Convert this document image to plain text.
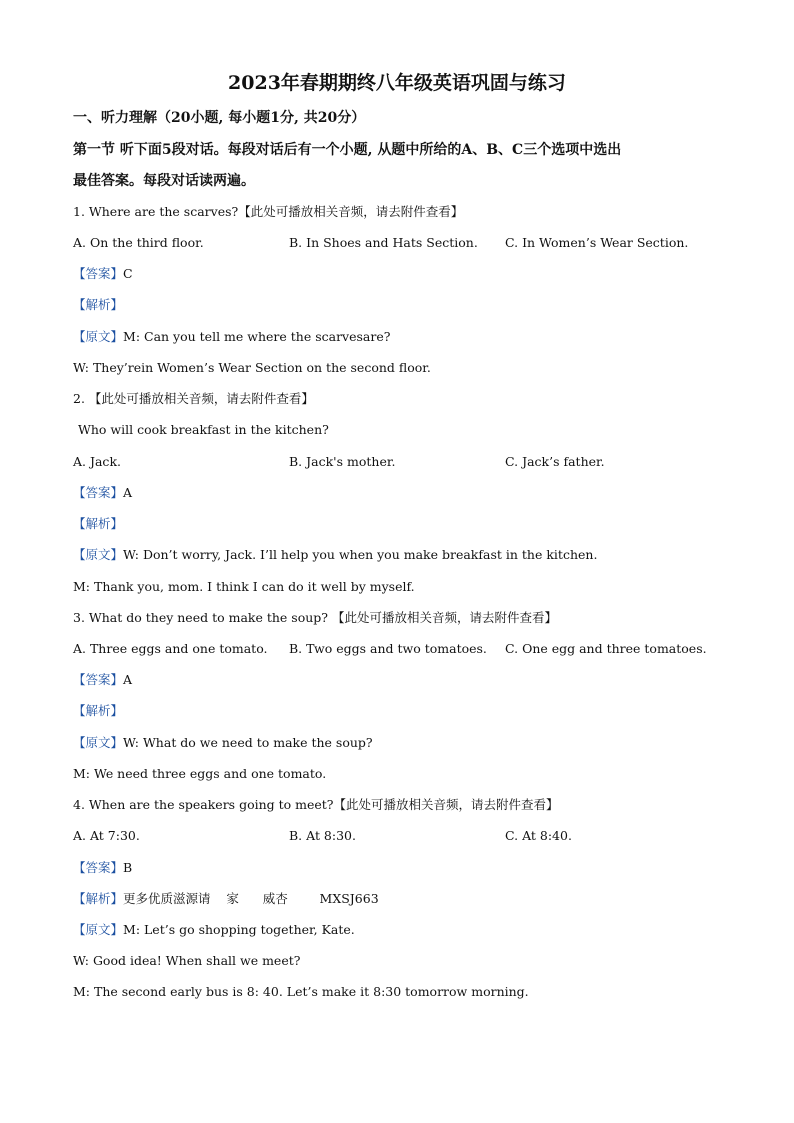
2023年春期期终八年级英语巩固与练习
一、听力理解（20小题, 每小题1分, 共20分）
第一节 听下面5段对话。每段对话后有一个小题, 从题中所给的A、B、C三个选项中选出
最佳答案。每段对话读两遍。
1. Where are the scarves?【此处可播放相关音频，请去附件查看】
A. On the third floor.	B. In Shoes and Hats Section. C. In Women’s Wear Section.
【答案】C
【解析】
【原文】M: Can you tell me where the scarvesare?
W: They’rein Women’s Wear Section on the second floor.
2. 【此处可播放相关音频，请去附件查看】
Who will cook breakfast in the kitchen?
A. Jack.	B. Jack's mother.	C. Jack’s father.
【答案】A
【解析】
【原文】W: Don’t worry, Jack. I’ll help you when you make breakfast in the kitchen.
M: Thank you, mom. I think I can do it well by myself.
3. What do they need to make the soup? 【此处可播放相关音频，请去附件查看】
A. Three eggs and one tomato. B. Two eggs and two tomatoes. C. One egg and three tomatoes.
【答案】A
【解析】
【原文】W: What do we need to make the soup?
M: We need three eggs and one tomato.
4. When are the speakers going to meet?【此处可播放相关音频，请去附件查看】
A. At 7:30.	B. At 8:30.	C. At 8:40.
【答案】B
【解析】更多优质滋源请    家      威杏        MXSJ663
【原文】M: Let’s go shopping together, Kate.
W: Good idea! When shall we meet?
M: The second early bus is 8: 40. Let’s make it 8:30 tomorrow morning.
